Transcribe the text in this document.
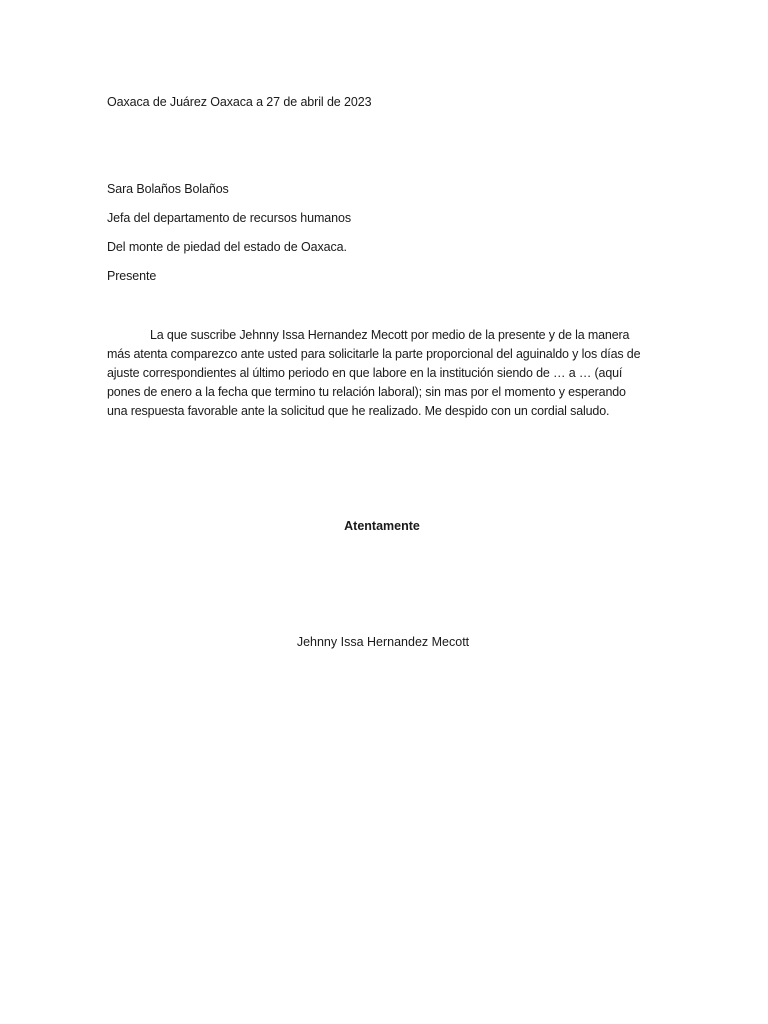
Oaxaca de Juárez Oaxaca a 27 de abril de 2023
Sara Bolaños Bolaños
Jefa del departamento de recursos humanos
Del monte de piedad del estado de Oaxaca.
Presente
La que suscribe Jehnny Issa Hernandez Mecott por medio de la presente y de la manera
más atenta comparezco ante usted para solicitarle la parte proporcional del aguinaldo y los días de
ajuste correspondientes al último periodo en que labore en la institución siendo de … a … (aquí
pones de enero a la fecha que termino tu relación laboral); sin mas por el momento y esperando
una respuesta favorable ante la solicitud que he realizado. Me despido con un cordial saludo.
Atentamente
Jehnny Issa Hernandez Mecott
